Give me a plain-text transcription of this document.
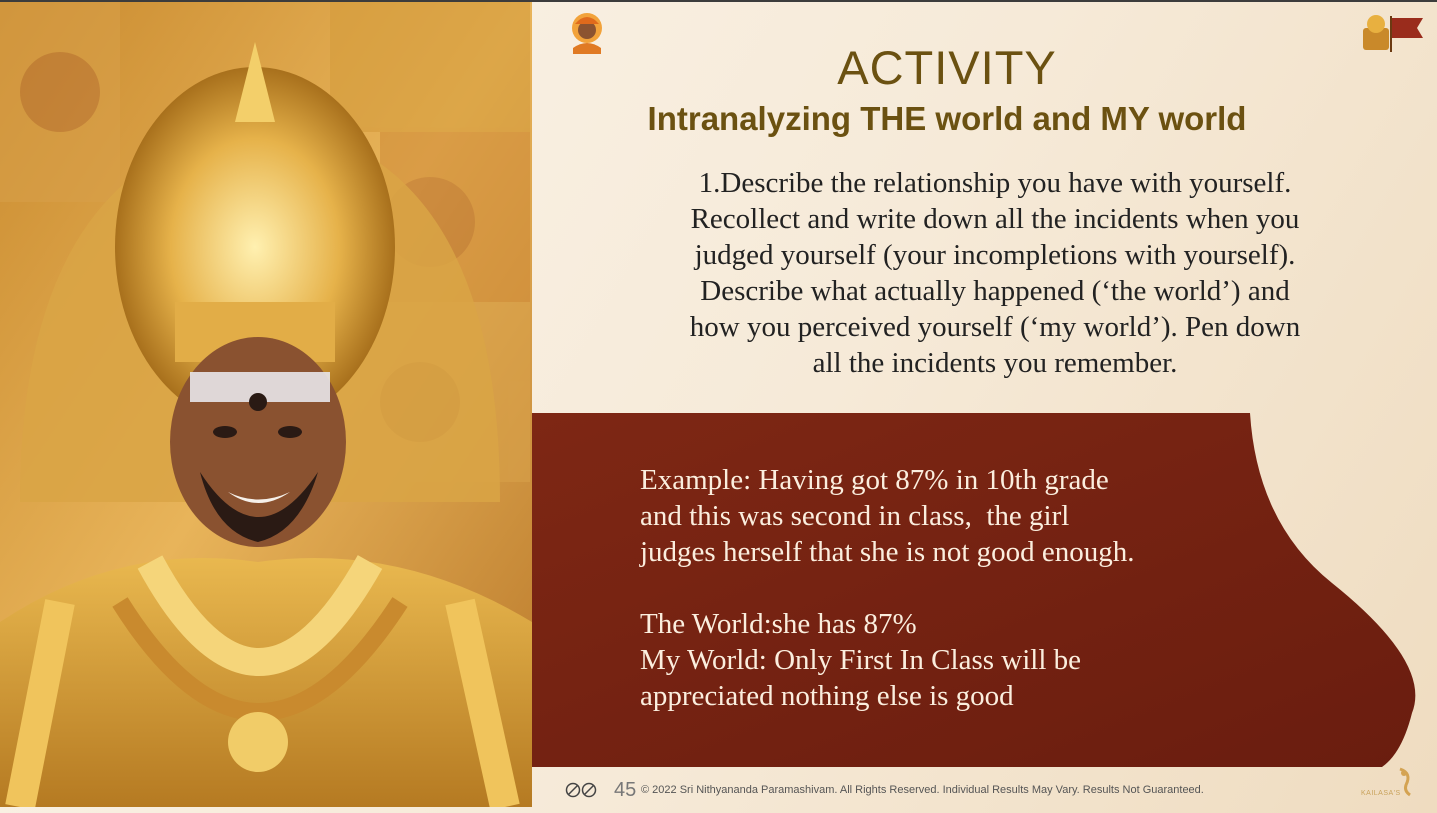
ACTIVITY
Intranalyzing THE world and MY world
1.Describe the relationship you have with yourself.
Recollect and write down all the incidents when you
judged yourself (your incompletions with yourself).
Describe what actually happened (‘the world’) and
how you perceived yourself (‘my world’). Pen down
all the incidents you remember.
Example: Having got 87% in 10th grade
and this was second in class,  the girl
judges herself that she is not good enough.

The World:she has 87%
My World: Only First In Class will be
appreciated nothing else is good
45 © 2022 Sri Nithyananda Paramashivam. All Rights Reserved. Individual Results May Vary. Results Not Guaranteed.	KAILASA'S
